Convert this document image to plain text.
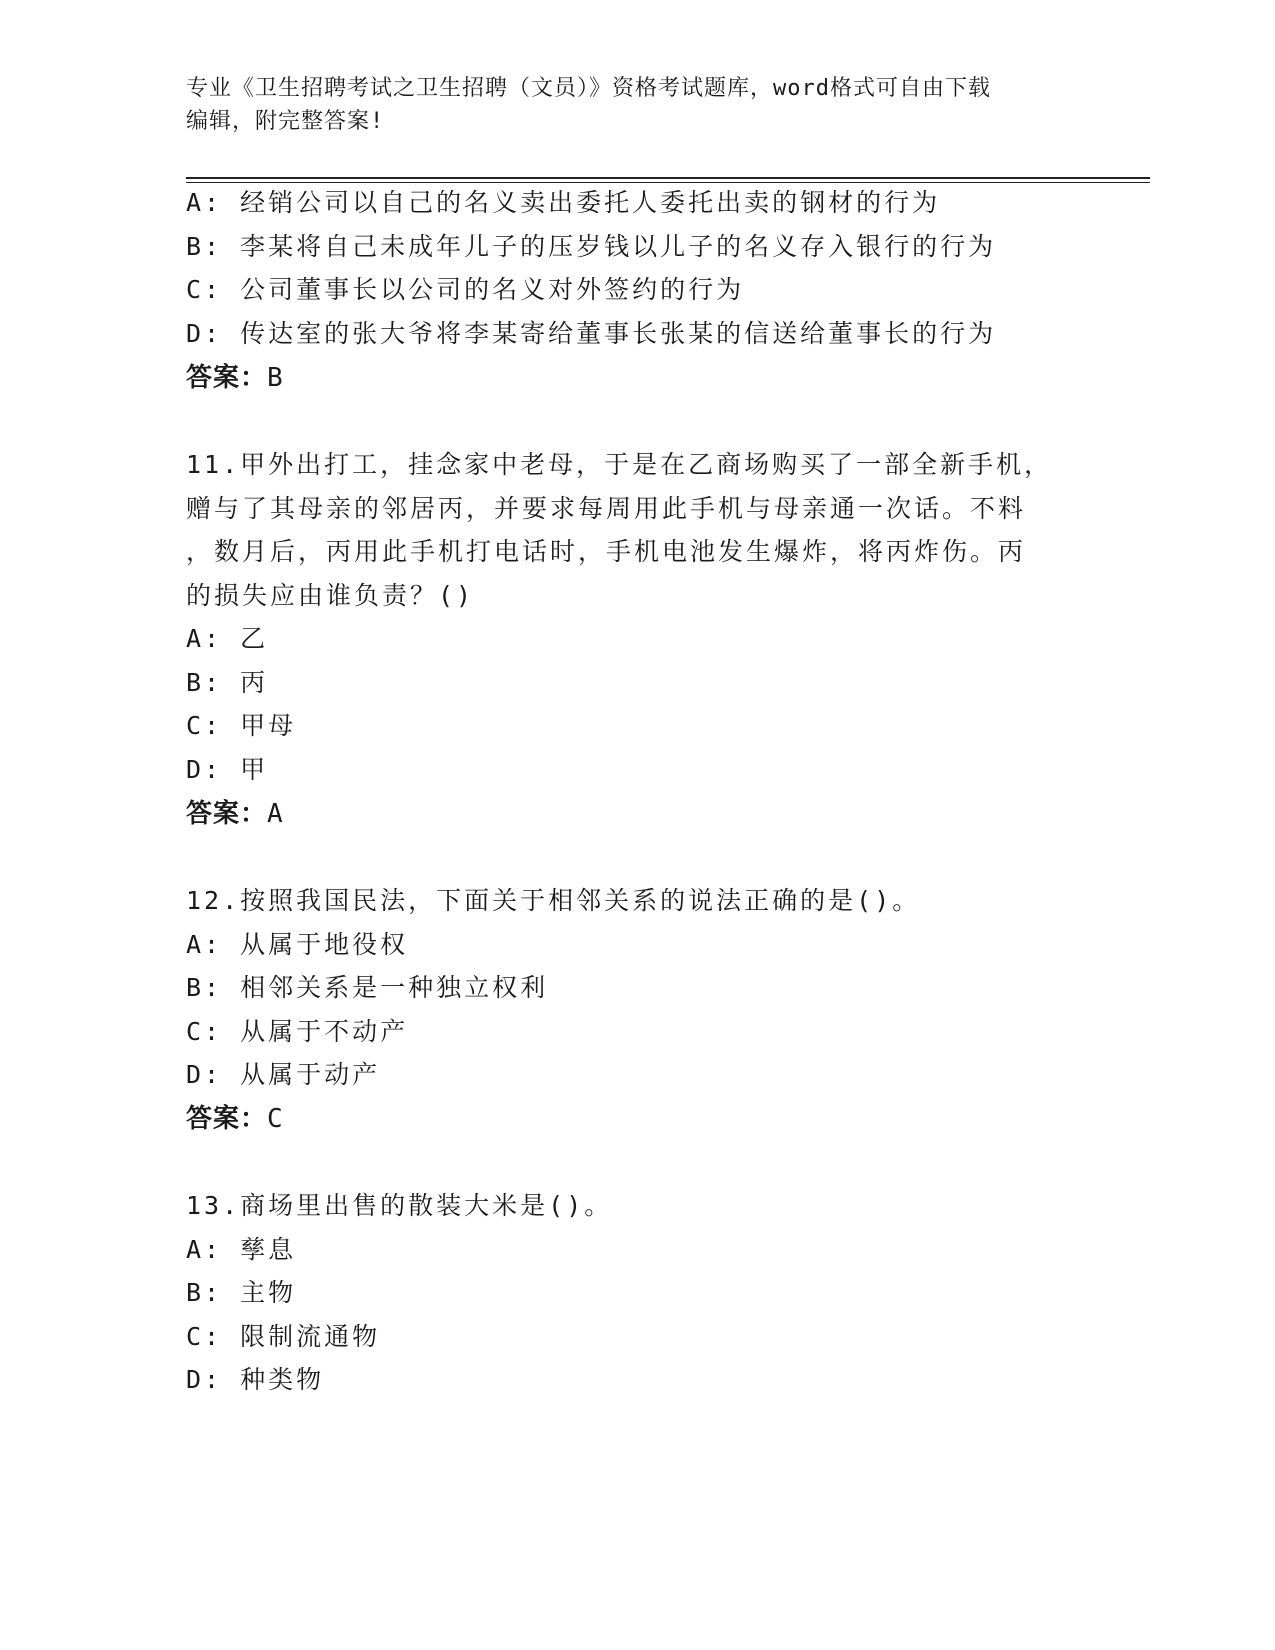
专业《卫生招聘考试之卫生招聘（文员）》资格考试题库，word格式可自由下载
编辑，附完整答案!
A: 经销公司以自己的名义卖出委托人委托出卖的钢材的行为
B: 李某将自己未成年儿子的压岁钱以儿子的名义存入银行的行为
C: 公司董事长以公司的名义对外签约的行为
D: 传达室的张大爷将李某寄给董事长张某的信送给董事长的行为
答案：B
11.甲外出打工，挂念家中老母，于是在乙商场购买了一部全新手机，
赠与了其母亲的邻居丙，并要求每周用此手机与母亲通一次话。不料
，数月后，丙用此手机打电话时，手机电池发生爆炸，将丙炸伤。丙
的损失应由谁负责？()
A: 乙
B: 丙
C: 甲母
D: 甲
答案：A
12.按照我国民法，下面关于相邻关系的说法正确的是()。
A: 从属于地役权
B: 相邻关系是一种独立权利
C: 从属于不动产
D: 从属于动产
答案：C
13.商场里出售的散装大米是()。
A: 孳息
B: 主物
C: 限制流通物
D: 种类物
